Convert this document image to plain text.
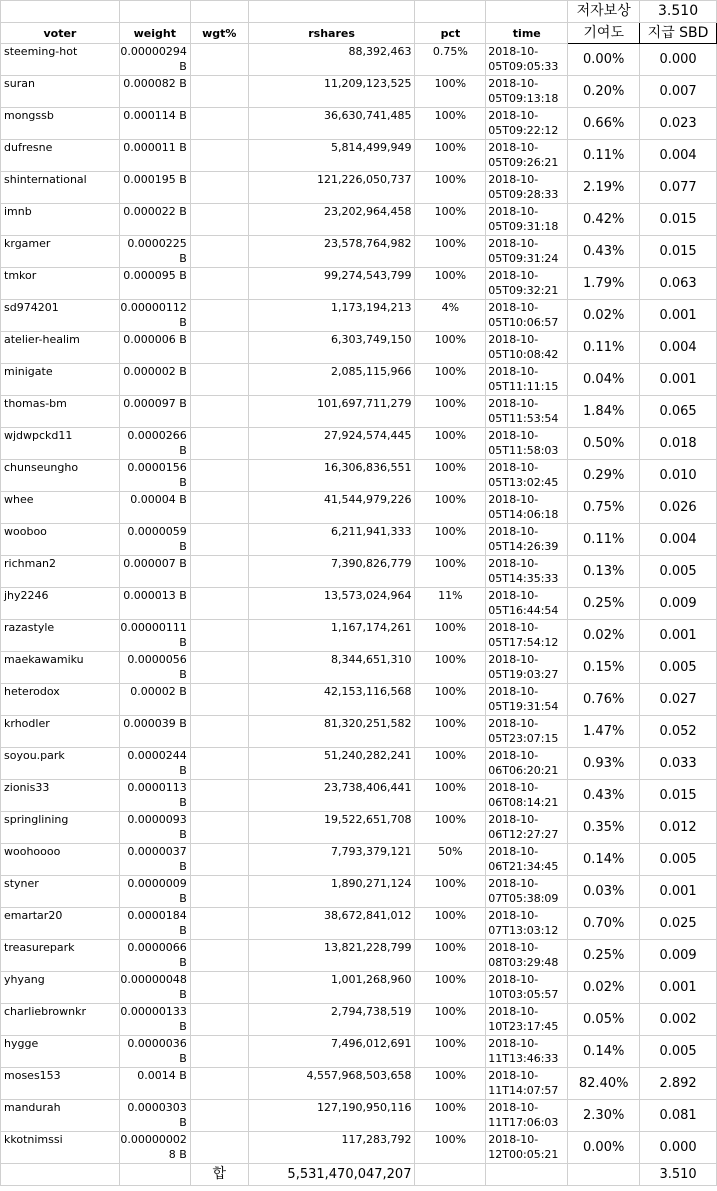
						저자보상	3.510
voter	weight	wgt%	rshares	pct	time	기여도	지급 SBD
steeming-hot	0.00000294 B		88,392,463	0.75%	2018-10-05T09:05:33	0.00%	0.000
suran	0.000082 B		11,209,123,525	100%	2018-10-05T09:13:18	0.20%	0.007
mongssb	0.000114 B		36,630,741,485	100%	2018-10-05T09:22:12	0.66%	0.023
dufresne	0.000011 B		5,814,499,949	100%	2018-10-05T09:26:21	0.11%	0.004
shinternational	0.000195 B		121,226,050,737	100%	2018-10-05T09:28:33	2.19%	0.077
imnb	0.000022 B		23,202,964,458	100%	2018-10-05T09:31:18	0.42%	0.015
krgamer	0.0000225 B		23,578,764,982	100%	2018-10-05T09:31:24	0.43%	0.015
tmkor	0.000095 B		99,274,543,799	100%	2018-10-05T09:32:21	1.79%	0.063
sd974201	0.00000112 B		1,173,194,213	4%	2018-10-05T10:06:57	0.02%	0.001
atelier-healim	0.000006 B		6,303,749,150	100%	2018-10-05T10:08:42	0.11%	0.004
minigate	0.000002 B		2,085,115,966	100%	2018-10-05T11:11:15	0.04%	0.001
thomas-bm	0.000097 B		101,697,711,279	100%	2018-10-05T11:53:54	1.84%	0.065
wjdwpckd11	0.0000266 B		27,924,574,445	100%	2018-10-05T11:58:03	0.50%	0.018
chunseungho	0.0000156 B		16,306,836,551	100%	2018-10-05T13:02:45	0.29%	0.010
whee	0.00004 B		41,544,979,226	100%	2018-10-05T14:06:18	0.75%	0.026
wooboo	0.0000059 B		6,211,941,333	100%	2018-10-05T14:26:39	0.11%	0.004
richman2	0.000007 B		7,390,826,779	100%	2018-10-05T14:35:33	0.13%	0.005
jhy2246	0.000013 B		13,573,024,964	11%	2018-10-05T16:44:54	0.25%	0.009
razastyle	0.00000111 B		1,167,174,261	100%	2018-10-05T17:54:12	0.02%	0.001
maekawamiku	0.0000056 B		8,344,651,310	100%	2018-10-05T19:03:27	0.15%	0.005
heterodox	0.00002 B		42,153,116,568	100%	2018-10-05T19:31:54	0.76%	0.027
krhodler	0.000039 B		81,320,251,582	100%	2018-10-05T23:07:15	1.47%	0.052
soyou.park	0.0000244 B		51,240,282,241	100%	2018-10-06T06:20:21	0.93%	0.033
zionis33	0.0000113 B		23,738,406,441	100%	2018-10-06T08:14:21	0.43%	0.015
springlining	0.0000093 B		19,522,651,708	100%	2018-10-06T12:27:27	0.35%	0.012
woohoooo	0.0000037 B		7,793,379,121	50%	2018-10-06T21:34:45	0.14%	0.005
styner	0.0000009 B		1,890,271,124	100%	2018-10-07T05:38:09	0.03%	0.001
emartar20	0.0000184 B		38,672,841,012	100%	2018-10-07T13:03:12	0.70%	0.025
treasurepark	0.0000066 B		13,821,228,799	100%	2018-10-08T03:29:48	0.25%	0.009
yhyang	0.00000048 B		1,001,268,960	100%	2018-10-10T03:05:57	0.02%	0.001
charliebrownkr	0.00000133 B		2,794,738,519	100%	2018-10-10T23:17:45	0.05%	0.002
hygge	0.0000036 B		7,496,012,691	100%	2018-10-11T13:46:33	0.14%	0.005
moses153	0.0014 B		4,557,968,503,658	100%	2018-10-11T14:07:57	82.40%	2.892
mandurah	0.0000303 B		127,190,950,116	100%	2018-10-11T17:06:03	2.30%	0.081
kkotnimssi	0.00000002 8 B		117,283,792	100%	2018-10-12T00:05:21	0.00%	0.000
		합	5,531,470,047,207				3.510
